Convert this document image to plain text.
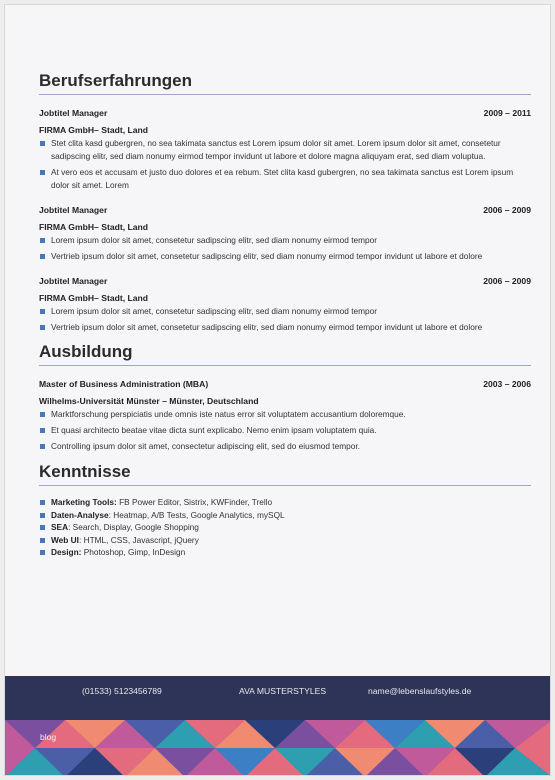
Berufserfahrungen
Jobtitel Manager	2009 – 2011
FIRMA GmbH– Stadt, Land
Stet clita kasd gubergren, no sea takimata sanctus est Lorem ipsum dolor sit amet. Lorem ipsum dolor sit amet, consetetur sadipscing elitr, sed diam nonumy eirmod tempor invidunt ut labore et dolore magna aliquyam erat, sed diam voluptua.
At vero eos et accusam et justo duo dolores et ea rebum. Stet clita kasd gubergren, no sea takimata sanctus est Lorem ipsum dolor sit amet. Lorem
Jobtitel Manager	2006 – 2009
FIRMA GmbH– Stadt, Land
Lorem ipsum dolor sit amet, consetetur sadipscing elitr, sed diam nonumy eirmod tempor
Vertrieb ipsum dolor sit amet, consetetur sadipscing elitr, sed diam nonumy eirmod tempor invidunt ut labore et dolore
Jobtitel Manager	2006 – 2009
FIRMA GmbH– Stadt, Land
Lorem ipsum dolor sit amet, consetetur sadipscing elitr, sed diam nonumy eirmod tempor
Vertrieb ipsum dolor sit amet, consetetur sadipscing elitr, sed diam nonumy eirmod tempor invidunt ut labore et dolore
Ausbildung
Master of Business Administration (MBA)	2003 – 2006
Wilhelms-Universität Münster – Münster, Deutschland
Marktforschung perspiciatis unde omnis iste natus error sit voluptatem accusantium doloremque.
Et quasi architecto beatae vitae dicta sunt explicabo. Nemo enim ipsam voluptatem quia.
Controlling ipsum dolor sit amet, consectetur adipiscing elit, sed do eiusmod tempor.
Kenntnisse
Marketing Tools: FB Power Editor, Sistrix, KWFinder, Trello
Daten-Analyse: Heatmap, A/B Tests, Google Analytics, mySQL
SEA: Search, Display, Google Shopping
Web UI: HTML, CSS, Javascript, jQuery
Design: Photoshop, Gimp, InDesign
(01533) 5123456789	AVA MUSTERSTYLES	name@lebenslaufstyles.de
blog
